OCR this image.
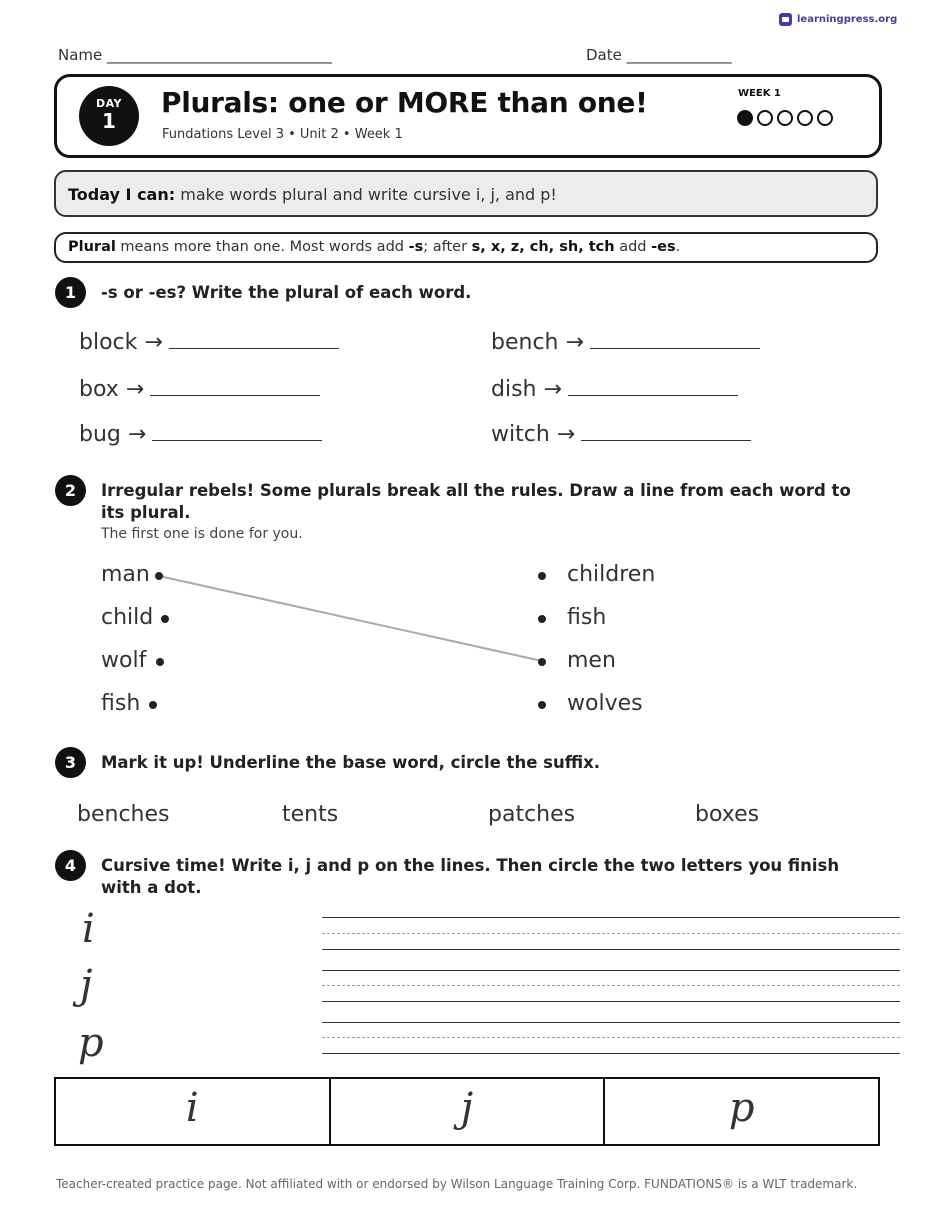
learningpress.org
Name ______________________________	Date ______________
DAY
1
Plurals: one or MORE than one!
Fundations Level 3 • Unit 2 • Week 1
WEEK 1
Today I can: make words plural and write cursive i, j, and p!
Plural means more than one. Most words add -s; after s, x, z, ch, sh, tch add -es.
1	-s or -es? Write the plural of each word.
block →	bench →
box →	dish →
bug →	witch →
2	Irregular rebels! Some plurals break all the rules. Draw a line from each word to its plural.
The first one is done for you.
man
child
wolf
fish
children
fish
men
wolves
3	Mark it up! Underline the base word, circle the suffix.
benches	tents	patches	boxes
4	Cursive time! Write i, j and p on the lines. Then circle the two letters you finish with a dot.
i
j
p
i	j	p
Teacher-created practice page. Not affiliated with or endorsed by Wilson Language Training Corp. FUNDATIONS® is a WLT trademark.
